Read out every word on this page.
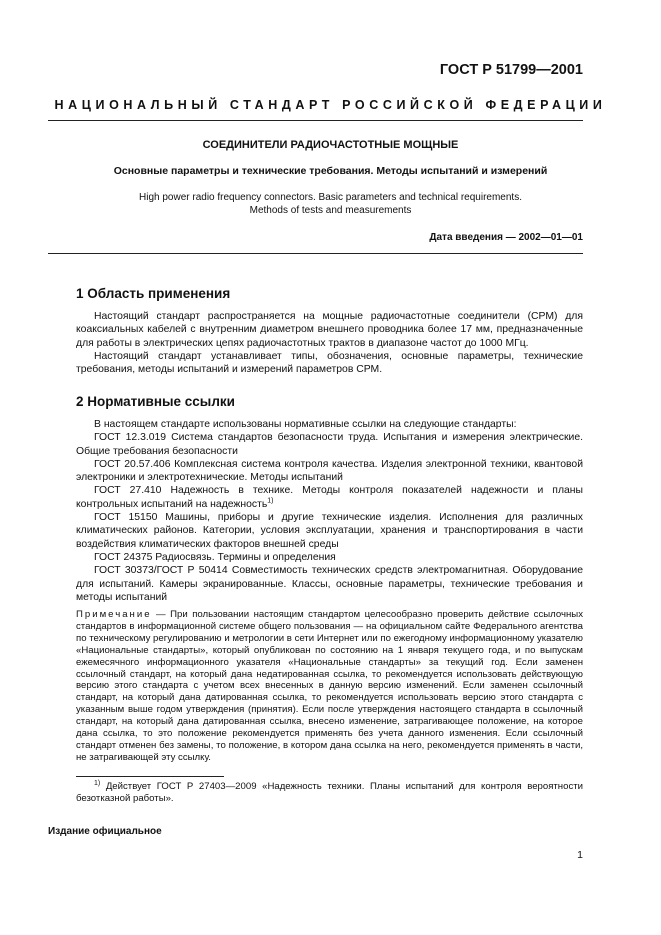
ГОСТ Р 51799—2001
НАЦИОНАЛЬНЫЙ СТАНДАРТ РОССИЙСКОЙ ФЕДЕРАЦИИ
СОЕДИНИТЕЛИ РАДИОЧАСТОТНЫЕ МОЩНЫЕ
Основные параметры и технические требования. Методы испытаний и измерений
High power radio frequency connectors. Basic parameters and technical requirements.
Methods of tests and measurements
Дата введения — 2002—01—01
1 Область применения

Настоящий стандарт распространяется на мощные радиочастотные соединители (СРМ) для коаксиальных кабелей с внутренним диаметром внешнего проводника более 17 мм, предназначенные для работы в электрических цепях радиочастотных трактов в диапазоне частот до 1000 МГц.

Настоящий стандарт устанавливает типы, обозначения, основные параметры, технические требования, методы испытаний и измерений параметров СРМ.

2 Нормативные ссылки

В настоящем стандарте использованы нормативные ссылки на следующие стандарты:

ГОСТ 12.3.019 Система стандартов безопасности труда. Испытания и измерения электрические. Общие требования безопасности

ГОСТ 20.57.406 Комплексная система контроля качества. Изделия электронной техники, квантовой электроники и электротехнические. Методы испытаний

ГОСТ 27.410 Надежность в технике. Методы контроля показателей надежности и планы контрольных испытаний на надежность$^{1)}$

ГОСТ 15150 Машины, приборы и другие технические изделия. Исполнения для различных климатических районов. Категории, условия эксплуатации, хранения и транспортирования в части воздействия климатических факторов внешней среды

ГОСТ 24375 Радиосвязь. Термины и определения

ГОСТ 30373/ГОСТ Р 50414 Совместимость технических средств электромагнитная. Оборудование для испытаний. Камеры экранированные. Классы, основные параметры, технические требования и методы испытаний

Примечание — При пользовании настоящим стандартом целесообразно проверить действие ссылочных стандартов в информационной системе общего пользования — на официальном сайте Федерального агентства по техническому регулированию и метрологии в сети Интернет или по ежегодному информационному указателю «Национальные стандарты», который опубликован по состоянию на 1 января текущего года, и по выпускам ежемесячного информационного указателя «Национальные стандарты» за текущий год. Если заменен ссылочный стандарт, на который дана недатированная ссылка, то рекомендуется использовать действующую версию этого стандарта с учетом всех внесенных в данную версию изменений. Если заменен ссылочный стандарт, на который дана датированная ссылка, то рекомендуется использовать версию этого стандарта с указанным выше годом утверждения (принятия). Если после утверждения настоящего стандарта в ссылочный стандарт, на который дана датированная ссылка, внесено изменение, затрагивающее положение, на которое дана ссылка, то это положение рекомендуется применять без учета данного изменения. Если ссылочный стандарт отменен без замены, то положение, в котором дана ссылка на него, рекомендуется применять в части, не затрагивающей эту ссылку.
$^{1)}$ Действует ГОСТ Р 27403—2009 «Надежность техники. Планы испытаний для контроля вероятности безотказной работы».
Издание официальное
1
